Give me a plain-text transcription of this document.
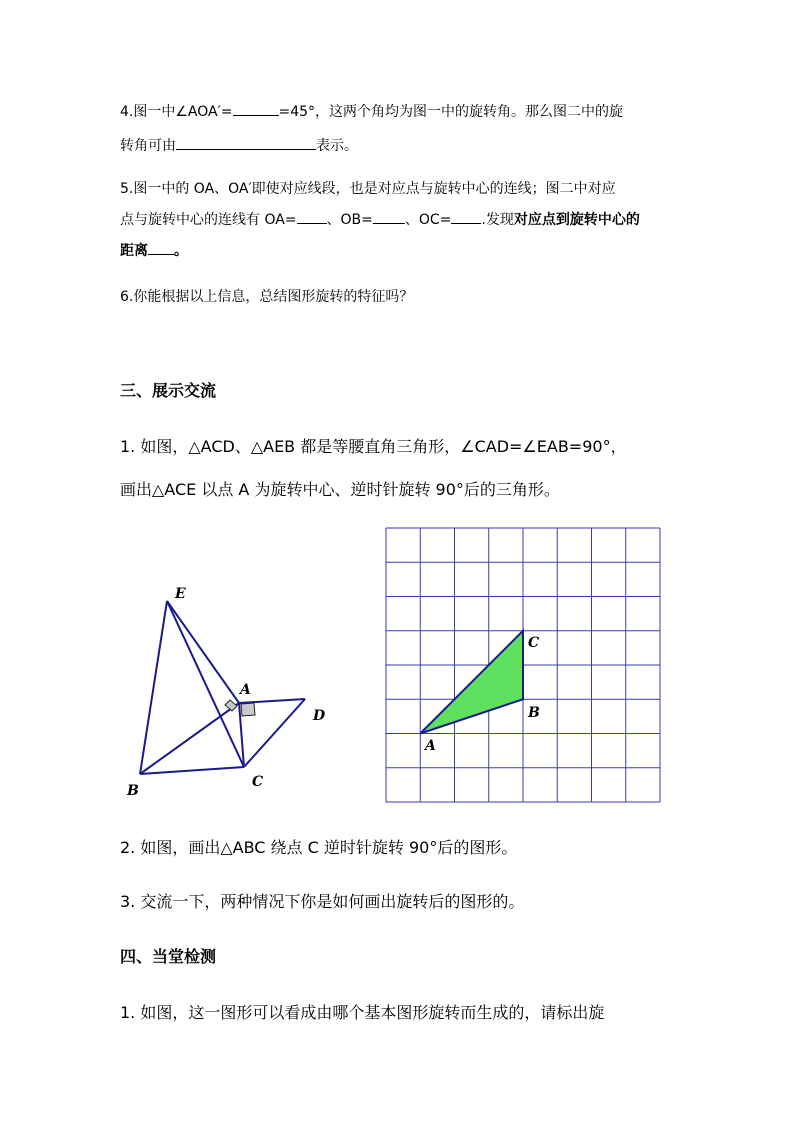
4.图一中∠AOA′=	=45°，这两个角均为图一中的旋转角。那么图二中的旋
转角可由	表示。
5.图一中的 OA、OA′即使对应线段，也是对应点与旋转中心的连线；图二中对应
点与旋转中心的连线有 OA= 、OB= 、OC= .发现对应点到旋转中心的
距离 。
6.你能根据以上信息，总结图形旋转的特征吗？
三、展示交流
1. 如图，△ACD、△AEB 都是等腰直角三角形，∠CAD=∠EAB=90°，
画出△ACE 以点 A 为旋转中心、逆时针旋转 90°后的三角形。
E
A
D
B
C
A
B
C
2. 如图，画出△ABC 绕点 C 逆时针旋转 90°后的图形。
3. 交流一下，两种情况下你是如何画出旋转后的图形的。
四、当堂检测
1. 如图，这一图形可以看成由哪个基本图形旋转而生成的，请标出旋
